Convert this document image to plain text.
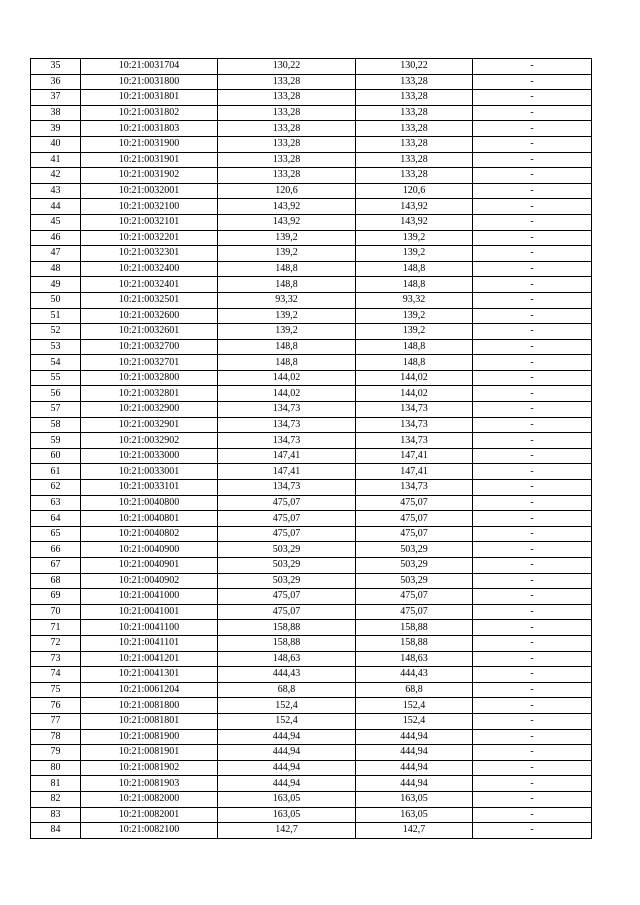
35	10:21:0031704	130,22	130,22	-
36	10:21:0031800	133,28	133,28	-
37	10:21:0031801	133,28	133,28	-
38	10:21:0031802	133,28	133,28	-
39	10:21:0031803	133,28	133,28	-
40	10:21:0031900	133,28	133,28	-
41	10:21:0031901	133,28	133,28	-
42	10:21:0031902	133,28	133,28	-
43	10:21:0032001	120,6	120,6	-
44	10:21:0032100	143,92	143,92	-
45	10:21:0032101	143,92	143,92	-
46	10:21:0032201	139,2	139,2	-
47	10:21:0032301	139,2	139,2	-
48	10:21:0032400	148,8	148,8	-
49	10:21:0032401	148,8	148,8	-
50	10:21:0032501	93,32	93,32	-
51	10:21:0032600	139,2	139,2	-
52	10:21:0032601	139,2	139,2	-
53	10:21:0032700	148,8	148,8	-
54	10:21:0032701	148,8	148,8	-
55	10:21:0032800	144,02	144,02	-
56	10:21:0032801	144,02	144,02	-
57	10:21:0032900	134,73	134,73	-
58	10:21:0032901	134,73	134,73	-
59	10:21:0032902	134,73	134,73	-
60	10:21:0033000	147,41	147,41	-
61	10:21:0033001	147,41	147,41	-
62	10:21:0033101	134,73	134,73	-
63	10:21:0040800	475,07	475,07	-
64	10:21:0040801	475,07	475,07	-
65	10:21:0040802	475,07	475,07	-
66	10:21:0040900	503,29	503,29	-
67	10:21:0040901	503,29	503,29	-
68	10:21:0040902	503,29	503,29	-
69	10:21:0041000	475,07	475,07	-
70	10:21:0041001	475,07	475,07	-
71	10:21:0041100	158,88	158,88	-
72	10:21:0041101	158,88	158,88	-
73	10:21:0041201	148,63	148,63	-
74	10:21:0041301	444,43	444,43	-
75	10:21:0061204	68,8	68,8	-
76	10:21:0081800	152,4	152,4	-
77	10:21:0081801	152,4	152,4	-
78	10:21:0081900	444,94	444,94	-
79	10:21:0081901	444,94	444,94	-
80	10:21:0081902	444,94	444,94	-
81	10:21:0081903	444,94	444,94	-
82	10:21:0082000	163,05	163,05	-
83	10:21:0082001	163,05	163,05	-
84	10:21:0082100	142,7	142,7	-
